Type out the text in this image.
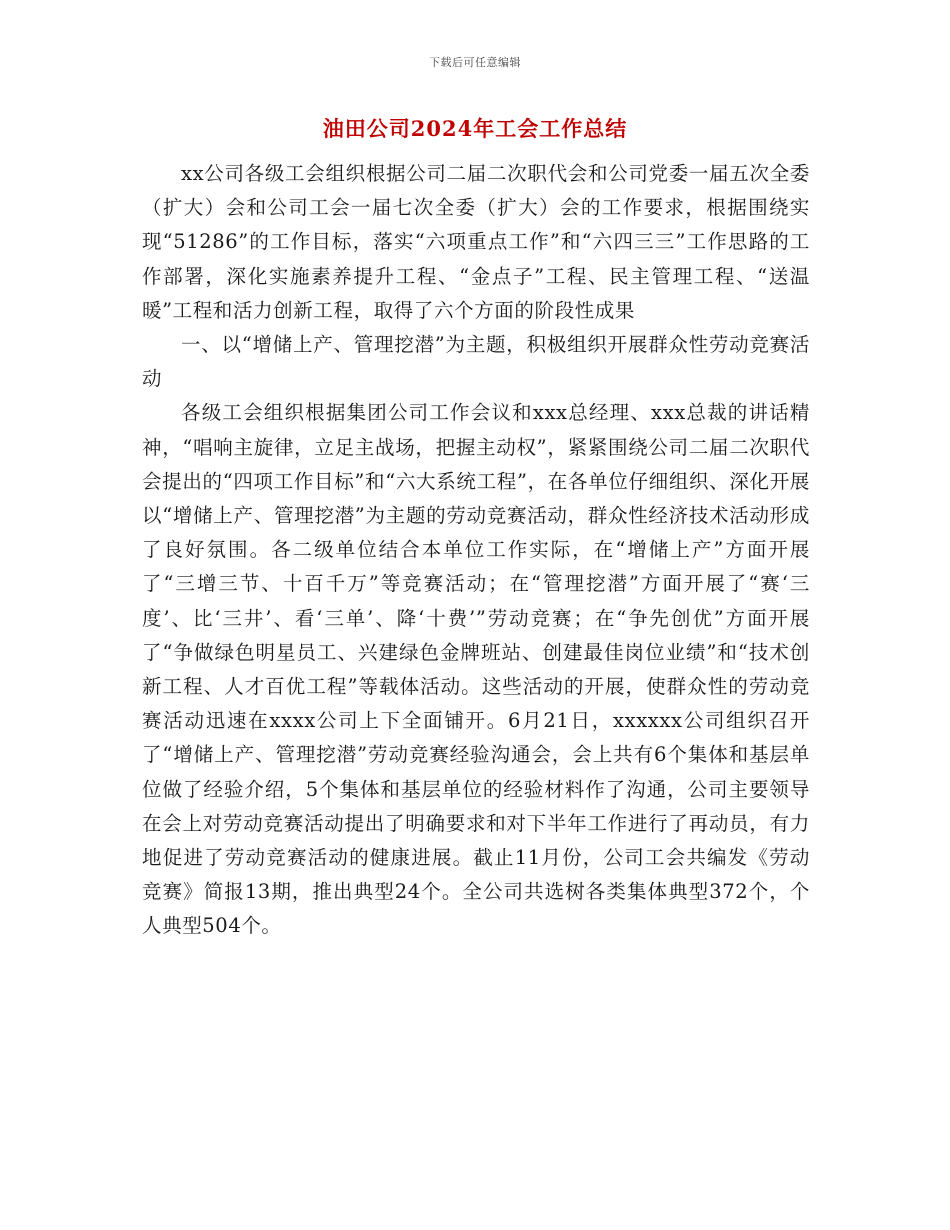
下载后可任意编辑
油田公司2024年工会工作总结

xx公司各级工会组织根据公司二届二次职代会和公司党委一届五次全委（扩大）会和公司工会一届七次全委（扩大）会的工作要求，根据围绕实现“51286”的工作目标，落实“六项重点工作”和“六四三三”工作思路的工作部署，深化实施素养提升工程、“金点子”工程、民主管理工程、“送温暖”工程和活力创新工程，取得了六个方面的阶段性成果

一、以“增储上产、管理挖潜”为主题，积极组织开展群众性劳动竞赛活动

各级工会组织根据集团公司工作会议和xxx总经理、xxx总裁的讲话精神，“唱响主旋律，立足主战场，把握主动权”，紧紧围绕公司二届二次职代会提出的“四项工作目标”和“六大系统工程”，在各单位仔细组织、深化开展以“增储上产、管理挖潜”为主题的劳动竞赛活动，群众性经济技术活动形成了良好氛围。各二级单位结合本单位工作实际，在“增储上产”方面开展了“三增三节、十百千万”等竞赛活动；在“管理挖潜”方面开展了“赛‘三度’、比‘三井’、看‘三单’、降‘十费’”劳动竞赛；在“争先创优”方面开展了“争做绿色明星员工、兴建绿色金牌班站、创建最佳岗位业绩”和“技术创新工程、人才百优工程”等载体活动。这些活动的开展，使群众性的劳动竞赛活动迅速在xxxx公司上下全面铺开。6月21日，xxxxxx公司组织召开了“增储上产、管理挖潜”劳动竞赛经验沟通会，会上共有6个集体和基层单位做了经验介绍，5个集体和基层单位的经验材料作了沟通，公司主要领导在会上对劳动竞赛活动提出了明确要求和对下半年工作进行了再动员，有力地促进了劳动竞赛活动的健康进展。截止11月份，公司工会共编发《劳动竞赛》简报13期，推出典型24个。全公司共选树各类集体典型372个，个人典型504个。
